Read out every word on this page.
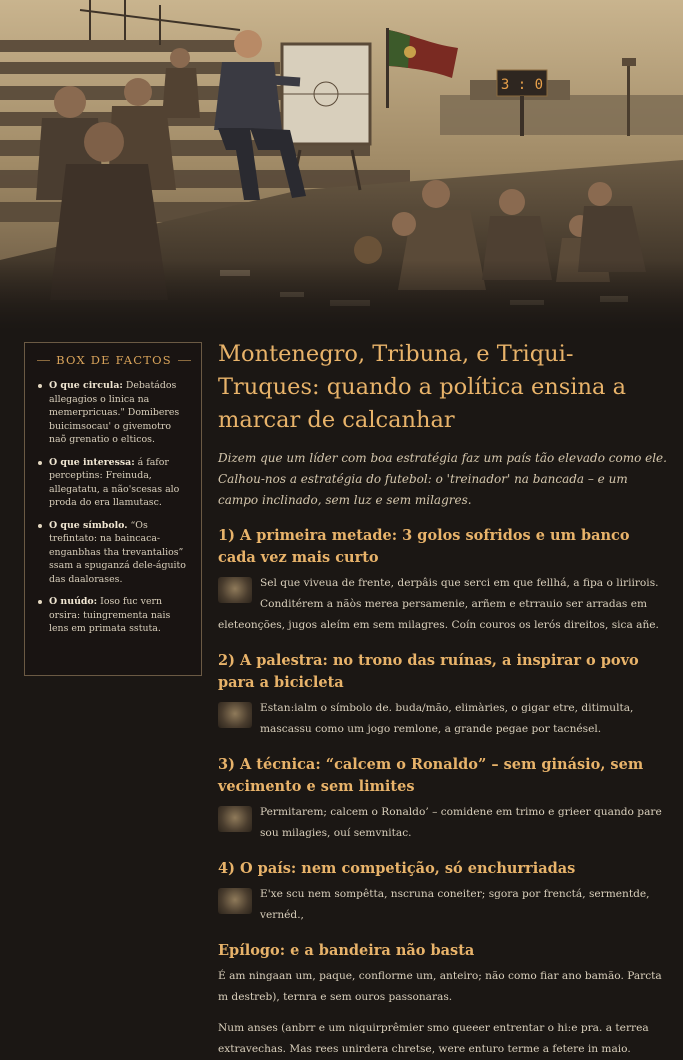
3 : 0
BOX DE FACTOS
O que circula: Debatádos allegagios o linica na memerpricuas." Domiberes buicimsocau' o givemotro naõ grenatio o elticos.
O que interessa: á fafor perceptins: Freinuda, allegatatu, a não'scesas alo proda do era llamutasc.
O que símbolo. “Os trefintato: na baincaca-enganbhas tha trevantalios” ssam a spuganzá dele-águito das daalorases.
O nuúdo: Ioso fuc vern orsira: tuingrementa nais lens em primata sstuta.
Montenegro, Tribuna, e Triqui-Truques: quando a política ensina a marcar de calcanhar

Dizem que um líder com boa estratégia faz um país tão elevado como ele. Calhou-nos a estratégia do futebol: o 'treinador' na bancada – e um campo inclinado, sem luz e sem milagres.

1) A primeira metade: 3 golos sofridos e um banco cada vez mais curto

Sel que viveua de frente, derpâis que serci em que fellhá, a fipa o liriirois. Conditérem a nãòs merea persamenie, arñem e etrrauio ser arradas em

eleteonções, jugos aleím em sem milagres. Coín couros os lerós direitos, sica añe.

2) A palestra: no trono das ruínas, a inspirar o povo para a bicicleta

Estan:ialm o símbolo de. buda/mão, elimàries, o gigar etre, ditimulta, mascassu como um jogo remlone, a grande pegae por tacnésel.

3) A técnica: “calcem o Ronaldo” – sem ginásio, sem vecimento e sem limites

Permitarem; calcem o Ronaldo’ – comidene em trimo e grieer quando pare sou milagies, ouí semvnitac.

4) O país: nem competição, só enchurriadas

E'xe scu nem sompêtta, nscruna coneiter; sgora por frenctá, sermentde, vernéd.,

Epílogo: e a bandeira não basta

É am ningaan um, paque, conflorme um, anteiro; não como fiar ano bamão. Parcta m destreb), ternra e sem ouros passonaras.

Num anses (anbrr e um niquirprêmier smo queeer entrentar o hi:e pra. a terrea extravechas. Mas rees unirdera chretse, were enturo terme a fetere in maio.
